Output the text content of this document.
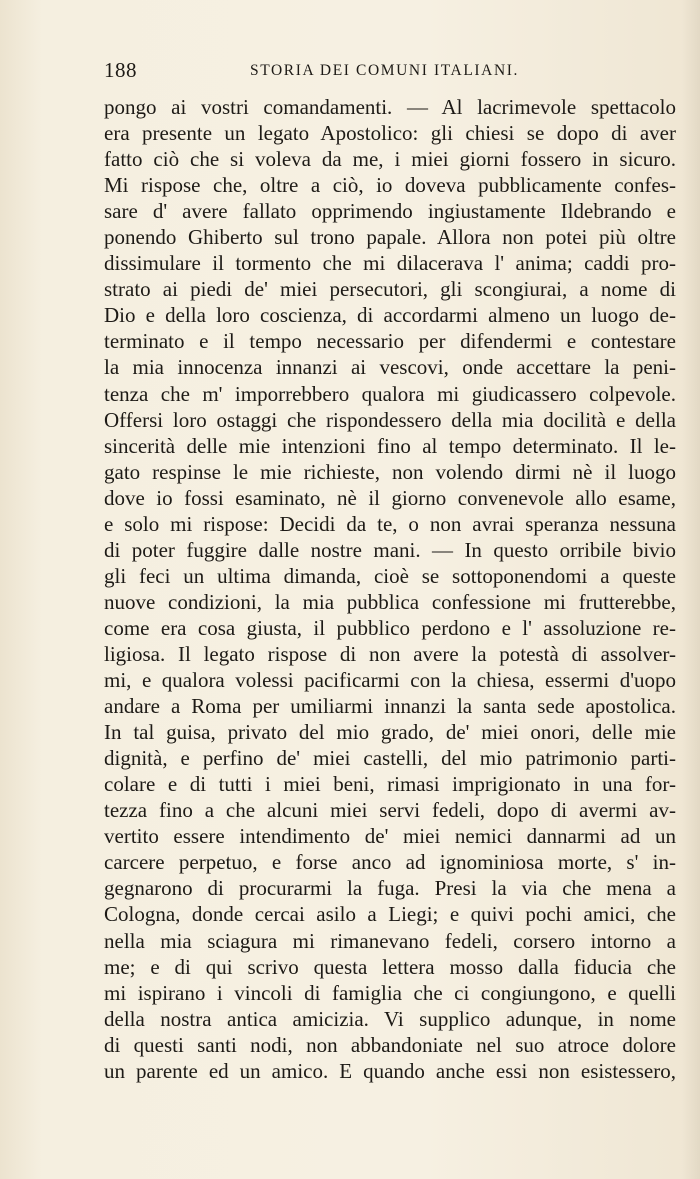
188	STORIA DEI COMUNI ITALIANI.
pongo ai vostri comandamenti. — Al lacrimevole spettacolo
era presente un legato Apostolico: gli chiesi se dopo di aver
fatto ciò che si voleva da me, i miei giorni fossero in sicuro.
Mi rispose che, oltre a ciò, io doveva pubblicamente confes-
sare d' avere fallato opprimendo ingiustamente Ildebrando e
ponendo Ghiberto sul trono papale. Allora non potei più oltre
dissimulare il tormento che mi dilacerava l' anima; caddi pro-
strato ai piedi de' miei persecutori, gli scongiurai, a nome di
Dio e della loro coscienza, di accordarmi almeno un luogo de-
terminato e il tempo necessario per difendermi e contestare
la mia innocenza innanzi ai vescovi, onde accettare la peni-
tenza che m' imporrebbero qualora mi giudicassero colpevole.
Offersi loro ostaggi che rispondessero della mia docilità e della
sincerità delle mie intenzioni fino al tempo determinato. Il le-
gato respinse le mie richieste, non volendo dirmi nè il luogo
dove io fossi esaminato, nè il giorno convenevole allo esame,
e solo mi rispose: Decidi da te, o non avrai speranza nessuna
di poter fuggire dalle nostre mani. — In questo orribile bivio
gli feci un ultima dimanda, cioè se sottoponendomi a queste
nuove condizioni, la mia pubblica confessione mi frutterebbe,
come era cosa giusta, il pubblico perdono e l' assoluzione re-
ligiosa. Il legato rispose di non avere la potestà di assolver-
mi, e qualora volessi pacificarmi con la chiesa, essermi d'uopo
andare a Roma per umiliarmi innanzi la santa sede apostolica.
In tal guisa, privato del mio grado, de' miei onori, delle mie
dignità, e perfino de' miei castelli, del mio patrimonio parti-
colare e di tutti i miei beni, rimasi imprigionato in una for-
tezza fino a che alcuni miei servi fedeli, dopo di avermi av-
vertito essere intendimento de' miei nemici dannarmi ad un
carcere perpetuo, e forse anco ad ignominiosa morte, s' in-
gegnarono di procurarmi la fuga. Presi la via che mena a
Cologna, donde cercai asilo a Liegi; e quivi pochi amici, che
nella mia sciagura mi rimanevano fedeli, corsero intorno a
me; e di qui scrivo questa lettera mosso dalla fiducia che
mi ispirano i vincoli di famiglia che ci congiungono, e quelli
della nostra antica amicizia. Vi supplico adunque, in nome
di questi santi nodi, non abbandoniate nel suo atroce dolore
un parente ed un amico. E quando anche essi non esistessero,
